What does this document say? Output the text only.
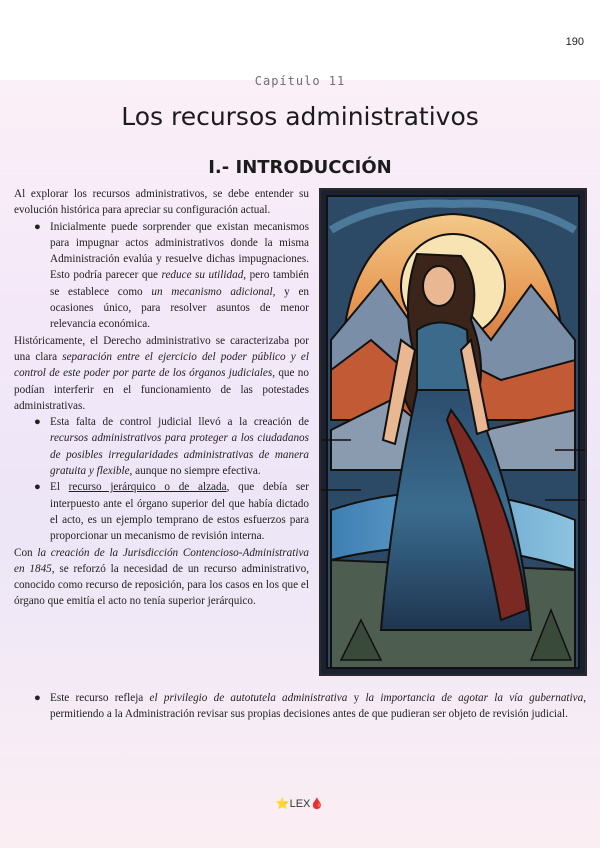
190
Capítulo 11
Los recursos administrativos
I.- INTRODUCCIÓN

Al explorar los recursos administrativos, se debe entender su evolución histórica para apreciar su configuración actual.

● Inicialmente puede sorprender que existan mecanismos para impugnar actos administrativos donde la misma Administración evalúa y resuelve dichas impugnaciones. Esto podría parecer que reduce su utilidad, pero también se establece como un mecanismo adicional, y en ocasiones único, para resolver asuntos de menor relevancia económica.

Históricamente, el Derecho administrativo se caracterizaba por una clara separación entre el ejercicio del poder público y el control de este poder por parte de los órganos judiciales, que no podían interferir en el funcionamiento de las potestades administrativas.

● Esta falta de control judicial llevó a la creación de recursos administrativos para proteger a los ciudadanos de posibles irregularidades administrativas de manera gratuita y flexible, aunque no siempre efectiva.

● El recurso jerárquico o de alzada, que debía ser interpuesto ante el órgano superior del que había dictado el acto, es un ejemplo temprano de estos esfuerzos para proporcionar un mecanismo de revisión interna.

Con la creación de la Jurisdicción Contencioso-Administrativa en 1845, se reforzó la necesidad de un recurso administrativo, conocido como recurso de reposición, para los casos en los que el órgano que emitía el acto no tenía superior jerárquico.

● Este recurso refleja el privilegio de autotutela administrativa y la importancia de agotar la vía gubernativa, permitiendo a la Administración revisar sus propias decisiones antes de que pudieran ser objeto de revisión judicial.

⭐LEX🩸
